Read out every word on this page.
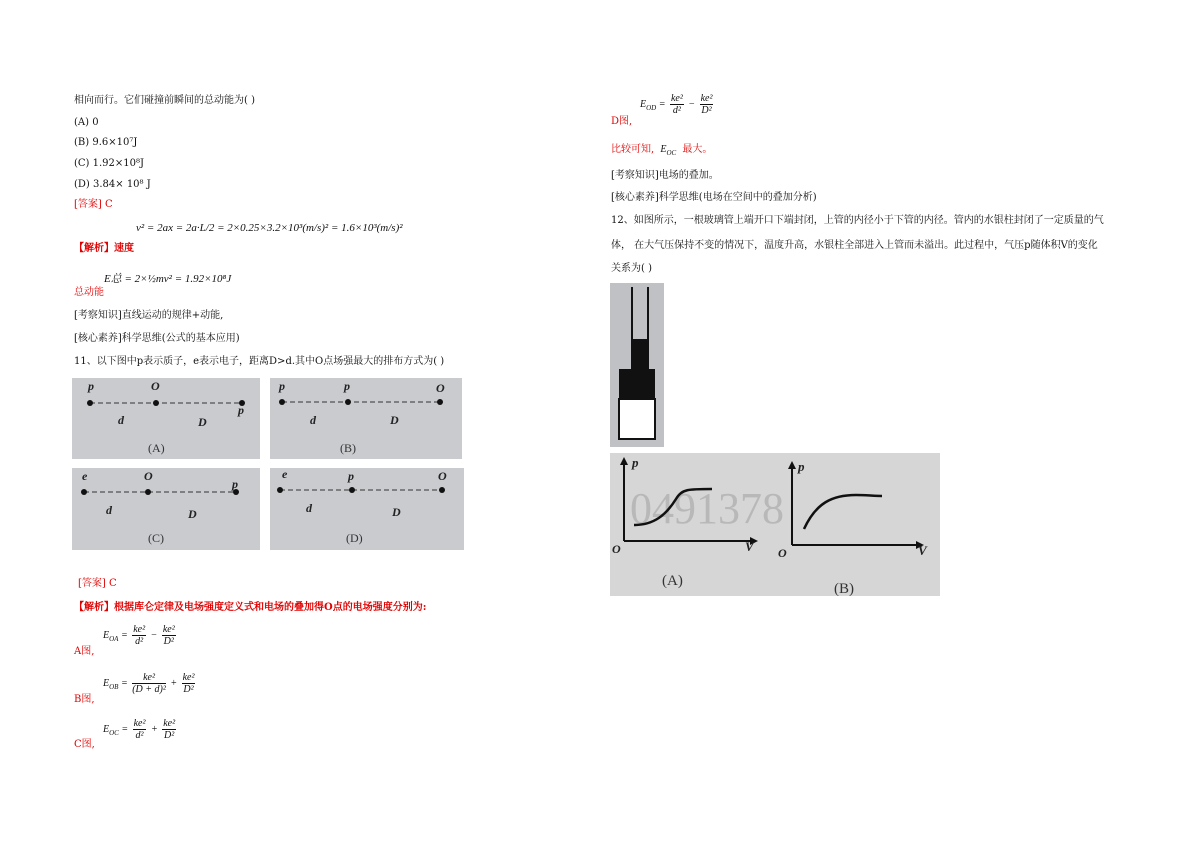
相向而行。它们碰撞前瞬间的总动能为( )
(A) 0
(B) 9.6×10⁷J
(C) 1.92×10⁸J
(D) 3.84× 10⁸ J
[答案] C
v² = 2ax = 2a·L/2 = 2×0.25×3.2×10³(m/s)² = 1.6×10³(m/s)²
【解析】速度
E总 = 2×½mv² = 1.92×10⁸J
总动能
[考察知识]直线运动的规律+动能,
[核心素养]科学思维(公式的基本应用)
11、以下图中p表示质子，e表示电子，距离D>d.其中O点场强最大的排布方式为( )
p	O
p
d	D
(A)
p	p	O
d	D
(B)
e	O
p
d	D
(C)
e	p	O
d	D
(D)
[答案] C
【解析】根据库仑定律及电场强度定义式和电场的叠加得O点的电场强度分别为:
$E_{OA} = \frac{\text{ke²}}{\text{d²}} - \frac{\text{ke²}}{\text{D²}}$
A图,
$E_{OB} = \frac{\text{ke²}}{\text{(D + d)²}} + \frac{\text{ke²}}{\text{D²}}$
B图,
$E_{OC} = \frac{\text{ke²}}{\text{d²}} + \frac{\text{ke²}}{\text{D²}}$
C图,
$E_{OD} = \frac{\text{ke²}}{\text{d²}} - \frac{\text{ke²}}{\text{D²}}$
D图,
比较可知, $E_{OC}$ 最大。
[考察知识]电场的叠加。
[核心素养]科学思维(电场在空间中的叠加分析)
12、如图所示，一根玻璃管上端开口下端封闭，上管的内径小于下管的内径。管内的水银柱封闭了一定质量的气
体， 在大气压保持不变的情况下，温度升高，水银柱全部进入上管而未溢出。此过程中，气压p随体积V的变化
关系为( )
0491378
p
V
O
(A)
p
V
O
(B)
